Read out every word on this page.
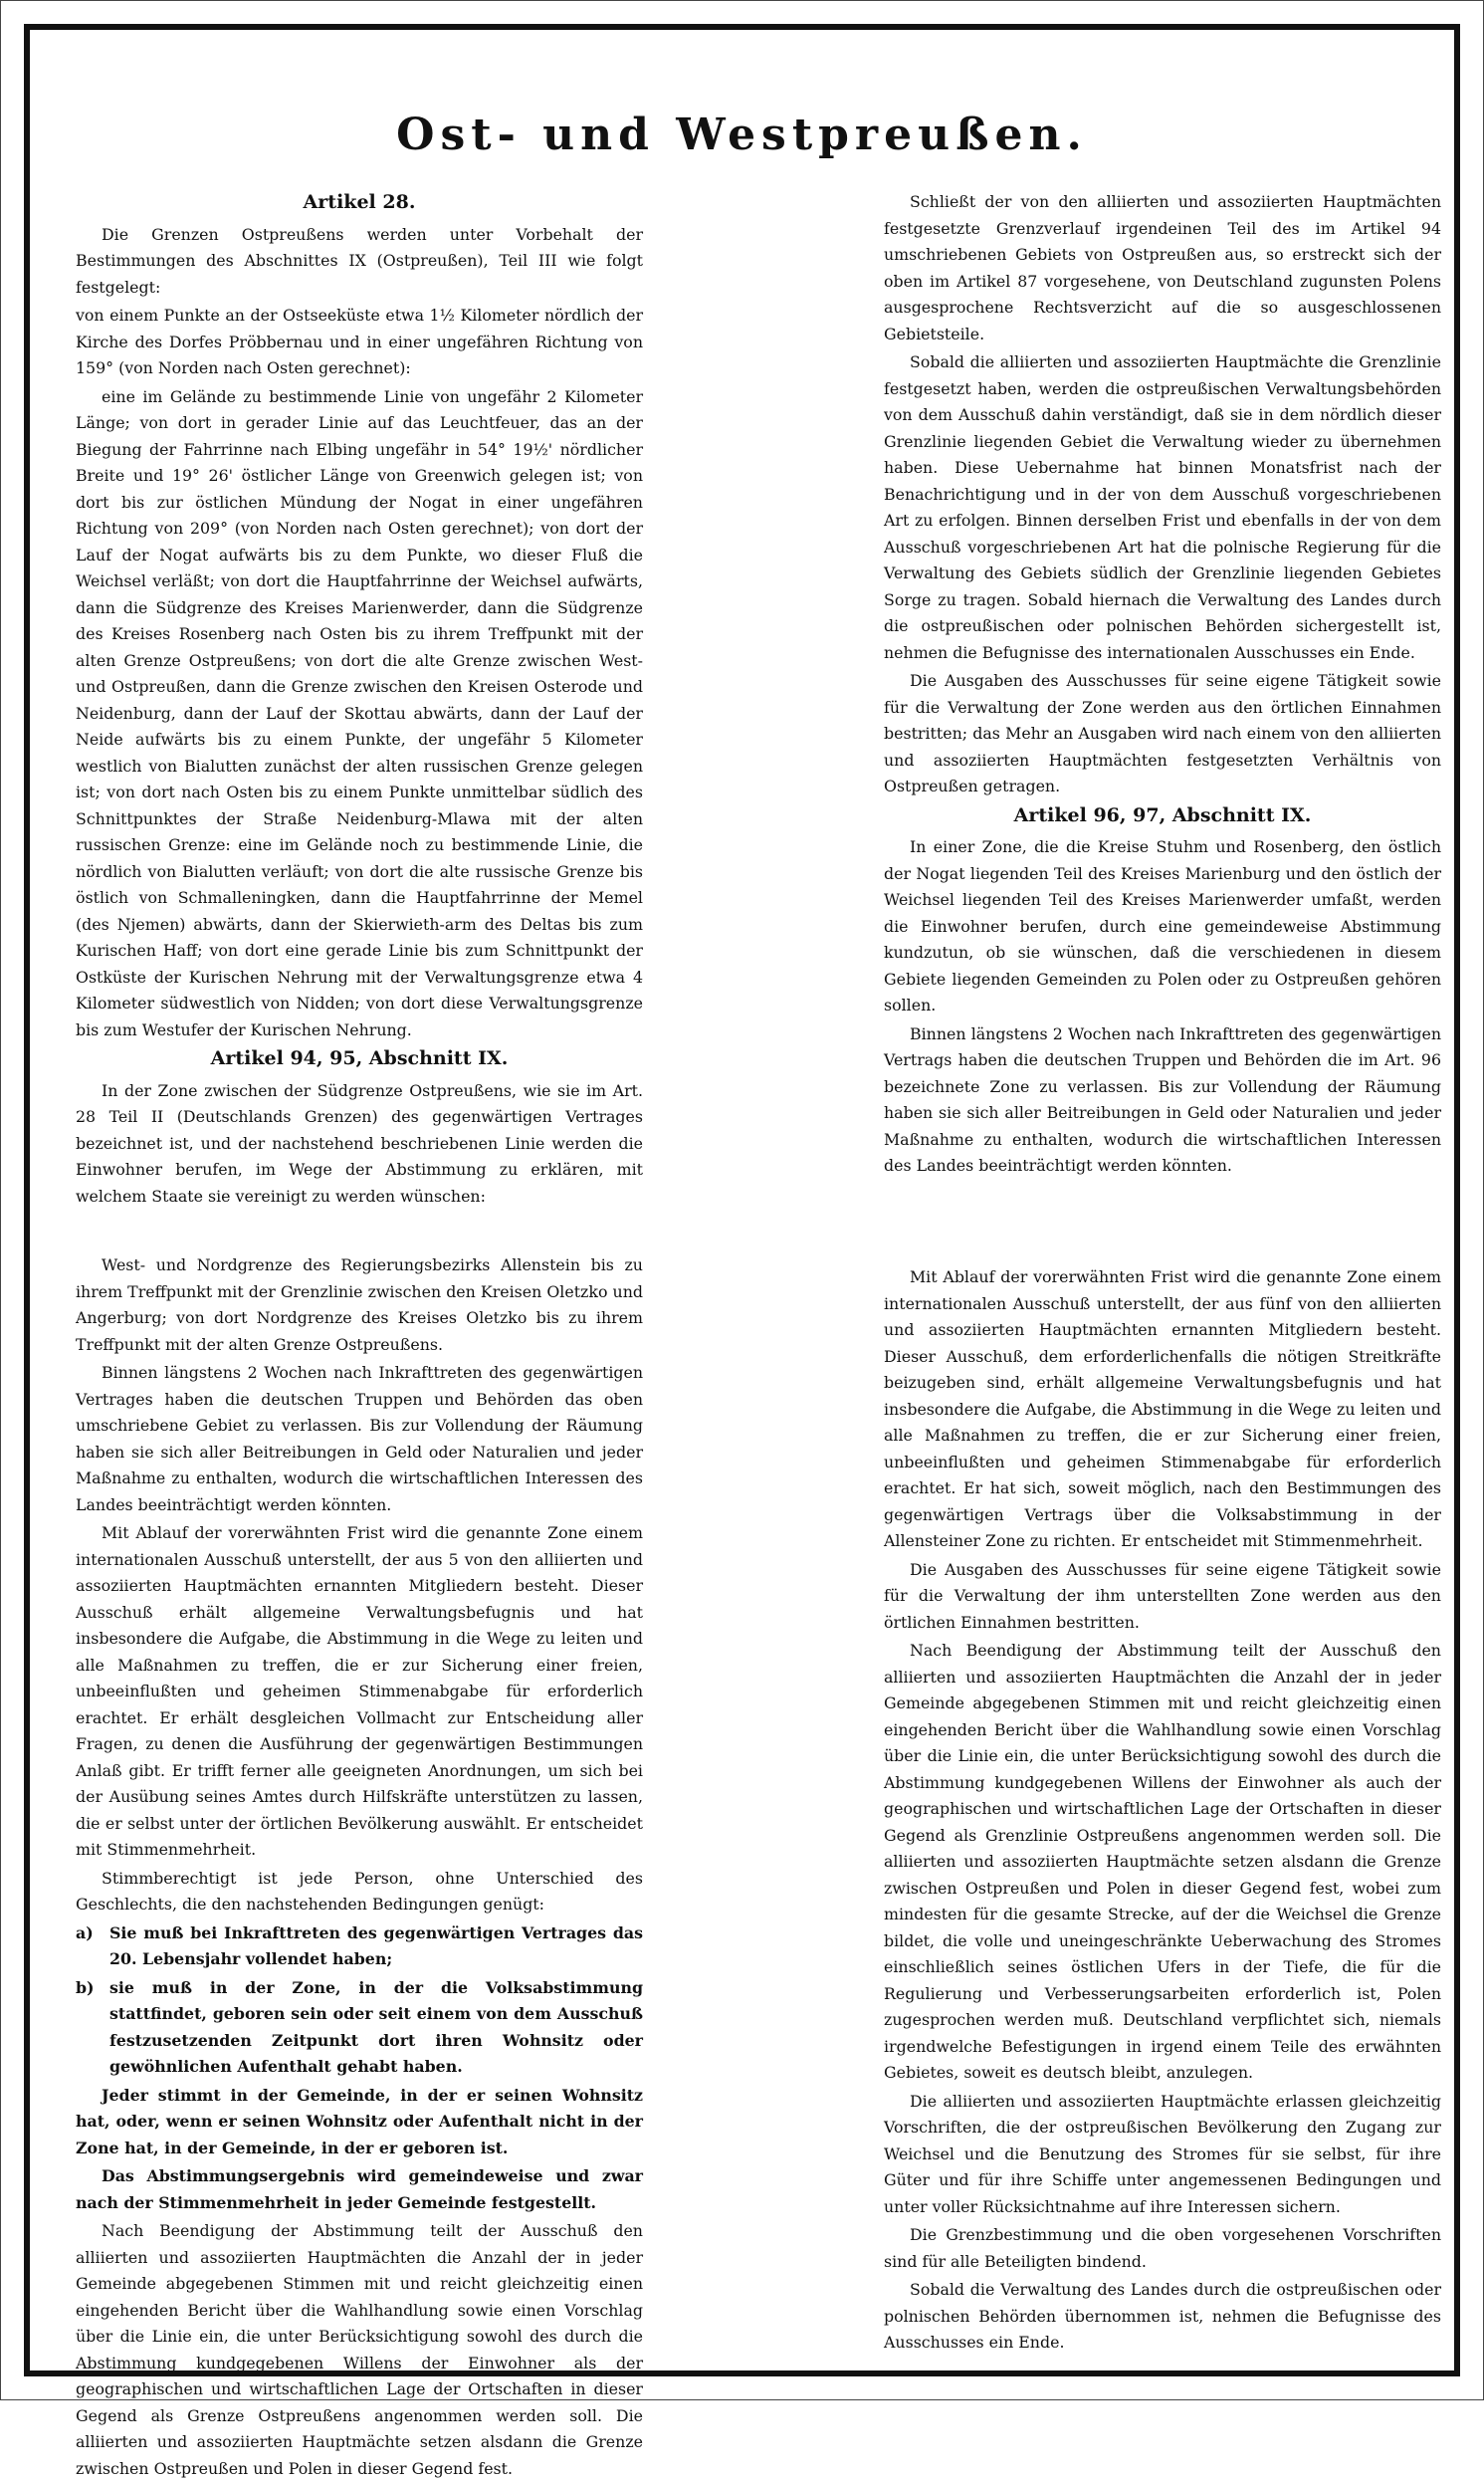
Ost- und Westpreußen.
Artikel 28.

Die Grenzen Ostpreußens werden unter Vorbehalt der Bestimmungen des Abschnittes IX (Ostpreußen), Teil III wie folgt festgelegt:

von einem Punkte an der Ostseeküste etwa 1½ Kilometer nördlich der Kirche des Dorfes Pröbbernau und in einer ungefähren Richtung von 159° (von Norden nach Osten gerechnet):

eine im Gelände zu bestimmende Linie von ungefähr 2 Kilometer Länge; von dort in gerader Linie auf das Leuchtfeuer, das an der Biegung der Fahrrinne nach Elbing ungefähr in 54° 19½' nördlicher Breite und 19° 26' östlicher Länge von Greenwich gelegen ist; von dort bis zur östlichen Mündung der Nogat in einer ungefähren Richtung von 209° (von Norden nach Osten gerechnet); von dort der Lauf der Nogat aufwärts bis zu dem Punkte, wo dieser Fluß die Weichsel verläßt; von dort die Hauptfahrrinne der Weichsel aufwärts, dann die Südgrenze des Kreises Marienwerder, dann die Südgrenze des Kreises Rosenberg nach Osten bis zu ihrem Treffpunkt mit der alten Grenze Ostpreußens; von dort die alte Grenze zwischen West- und Ostpreußen, dann die Grenze zwischen den Kreisen Osterode und Neidenburg, dann der Lauf der Skottau abwärts, dann der Lauf der Neide aufwärts bis zu einem Punkte, der ungefähr 5 Kilometer westlich von Bialutten zunächst der alten russischen Grenze gelegen ist; von dort nach Osten bis zu einem Punkte unmittelbar südlich des Schnittpunktes der Straße Neidenburg-Mlawa mit der alten russischen Grenze: eine im Gelände noch zu bestimmende Linie, die nördlich von Bialutten verläuft; von dort die alte russische Grenze bis östlich von Schmalleningken, dann die Hauptfahrrinne der Memel (des Njemen) abwärts, dann der Skierwieth-arm des Deltas bis zum Kurischen Haff; von dort eine gerade Linie bis zum Schnittpunkt der Ostküste der Kurischen Nehrung mit der Verwaltungsgrenze etwa 4 Kilometer südwestlich von Nidden; von dort diese Verwaltungsgrenze bis zum Westufer der Kurischen Nehrung.

Artikel 94, 95, Abschnitt IX.

In der Zone zwischen der Südgrenze Ostpreußens, wie sie im Art. 28 Teil II (Deutschlands Grenzen) des gegenwärtigen Vertrages bezeichnet ist, und der nachstehend beschriebenen Linie werden die Einwohner berufen, im Wege der Abstimmung zu erklären, mit welchem Staate sie vereinigt zu werden wünschen:

Schließt der von den alliierten und assoziierten Hauptmächten festgesetzte Grenzverlauf irgendeinen Teil des im Artikel 94 umschriebenen Gebiets von Ostpreußen aus, so erstreckt sich der oben im Artikel 87 vorgesehene, von Deutschland zugunsten Polens ausgesprochene Rechtsverzicht auf die so ausgeschlossenen Gebietsteile.

Sobald die alliierten und assoziierten Hauptmächte die Grenzlinie festgesetzt haben, werden die ostpreußischen Verwaltungsbehörden von dem Ausschuß dahin verständigt, daß sie in dem nördlich dieser Grenzlinie liegenden Gebiet die Verwaltung wieder zu übernehmen haben. Diese Uebernahme hat binnen Monatsfrist nach der Benachrichtigung und in der von dem Ausschuß vorgeschriebenen Art zu erfolgen. Binnen derselben Frist und ebenfalls in der von dem Ausschuß vorgeschriebenen Art hat die polnische Regierung für die Verwaltung des Gebiets südlich der Grenzlinie liegenden Gebietes Sorge zu tragen. Sobald hiernach die Verwaltung des Landes durch die ostpreußischen oder polnischen Behörden sichergestellt ist, nehmen die Befugnisse des internationalen Ausschusses ein Ende.

Die Ausgaben des Ausschusses für seine eigene Tätigkeit sowie für die Verwaltung der Zone werden aus den örtlichen Einnahmen bestritten; das Mehr an Ausgaben wird nach einem von den alliierten und assoziierten Hauptmächten festgesetzten Verhältnis von Ostpreußen getragen.

Artikel 96, 97, Abschnitt IX.

In einer Zone, die die Kreise Stuhm und Rosenberg, den östlich der Nogat liegenden Teil des Kreises Marienburg und den östlich der Weichsel liegenden Teil des Kreises Marienwerder umfaßt, werden die Einwohner berufen, durch eine gemeindeweise Abstimmung kundzutun, ob sie wünschen, daß die verschiedenen in diesem Gebiete liegenden Gemeinden zu Polen oder zu Ostpreußen gehören sollen.

Binnen längstens 2 Wochen nach Inkrafttreten des gegenwärtigen Vertrags haben die deutschen Truppen und Behörden die im Art. 96 bezeichnete Zone zu verlassen. Bis zur Vollendung der Räumung haben sie sich aller Beitreibungen in Geld oder Naturalien und jeder Maßnahme zu enthalten, wodurch die wirtschaftlichen Interessen des Landes beeinträchtigt werden könnten.

West- und Nordgrenze des Regierungsbezirks Allenstein bis zu ihrem Treffpunkt mit der Grenzlinie zwischen den Kreisen Oletzko und Angerburg; von dort Nordgrenze des Kreises Oletzko bis zu ihrem Treffpunkt mit der alten Grenze Ostpreußens.

Binnen längstens 2 Wochen nach Inkrafttreten des gegenwärtigen Vertrages haben die deutschen Truppen und Behörden das oben umschriebene Gebiet zu verlassen. Bis zur Vollendung der Räumung haben sie sich aller Beitreibungen in Geld oder Naturalien und jeder Maßnahme zu enthalten, wodurch die wirtschaftlichen Interessen des Landes beeinträchtigt werden könnten.

Mit Ablauf der vorerwähnten Frist wird die genannte Zone einem internationalen Ausschuß unterstellt, der aus 5 von den alliierten und assoziierten Hauptmächten ernannten Mitgliedern besteht. Dieser Ausschuß erhält allgemeine Verwaltungsbefugnis und hat insbesondere die Aufgabe, die Abstimmung in die Wege zu leiten und alle Maßnahmen zu treffen, die er zur Sicherung einer freien, unbeeinflußten und geheimen Stimmenabgabe für erforderlich erachtet. Er erhält desgleichen Vollmacht zur Entscheidung aller Fragen, zu denen die Ausführung der gegenwärtigen Bestimmungen Anlaß gibt. Er trifft ferner alle geeigneten Anordnungen, um sich bei der Ausübung seines Amtes durch Hilfskräfte unterstützen zu lassen, die er selbst unter der örtlichen Bevölkerung auswählt. Er entscheidet mit Stimmenmehrheit.

Stimmberechtigt ist jede Person, ohne Unterschied des Geschlechts, die den nachstehenden Bedingungen genügt:

a)	Sie muß bei Inkrafttreten des gegenwärtigen Vertrages das 20. Lebensjahr vollendet haben;
b) sie muß in der Zone, in der die Volksabstimmung stattfindet, geboren sein oder seit einem von dem Ausschuß festzusetzenden Zeitpunkt dort ihren Wohnsitz oder gewöhnlichen Aufenthalt gehabt haben.

Jeder stimmt in der Gemeinde, in der er seinen Wohnsitz hat, oder, wenn er seinen Wohnsitz oder Aufenthalt nicht in der Zone hat, in der Gemeinde, in der er geboren ist.

Das Abstimmungsergebnis wird gemeindeweise und zwar nach der Stimmenmehrheit in jeder Gemeinde festgestellt.

Nach Beendigung der Abstimmung teilt der Ausschuß den alliierten und assoziierten Hauptmächten die Anzahl der in jeder Gemeinde abgegebenen Stimmen mit und reicht gleichzeitig einen eingehenden Bericht über die Wahlhandlung sowie einen Vorschlag über die Linie ein, die unter Berücksichtigung sowohl des durch die Abstimmung kundgegebenen Willens der Einwohner als der geographischen und wirtschaftlichen Lage der Ortschaften in dieser Gegend als Grenze Ostpreußens angenommen werden soll. Die alliierten und assoziierten Hauptmächte setzen alsdann die Grenze zwischen Ostpreußen und Polen in dieser Gegend fest.

Mit Ablauf der vorerwähnten Frist wird die genannte Zone einem internationalen Ausschuß unterstellt, der aus fünf von den alliierten und assoziierten Hauptmächten ernannten Mitgliedern besteht. Dieser Ausschuß, dem erforderlichenfalls die nötigen Streitkräfte beizugeben sind, erhält allgemeine Verwaltungsbefugnis und hat insbesondere die Aufgabe, die Abstimmung in die Wege zu leiten und alle Maßnahmen zu treffen, die er zur Sicherung einer freien, unbeeinflußten und geheimen Stimmenabgabe für erforderlich erachtet. Er hat sich, soweit möglich, nach den Bestimmungen des gegenwärtigen Vertrags über die Volksabstimmung in der Allensteiner Zone zu richten. Er entscheidet mit Stimmenmehrheit.

Die Ausgaben des Ausschusses für seine eigene Tätigkeit sowie für die Verwaltung der ihm unterstellten Zone werden aus den örtlichen Einnahmen bestritten.

Nach Beendigung der Abstimmung teilt der Ausschuß den alliierten und assoziierten Hauptmächten die Anzahl der in jeder Gemeinde abgegebenen Stimmen mit und reicht gleichzeitig einen eingehenden Bericht über die Wahlhandlung sowie einen Vorschlag über die Linie ein, die unter Berücksichtigung sowohl des durch die Abstimmung kundgegebenen Willens der Einwohner als auch der geographischen und wirtschaftlichen Lage der Ortschaften in dieser Gegend als Grenzlinie Ostpreußens angenommen werden soll. Die alliierten und assoziierten Hauptmächte setzen alsdann die Grenze zwischen Ostpreußen und Polen in dieser Gegend fest, wobei zum mindesten für die gesamte Strecke, auf der die Weichsel die Grenze bildet, die volle und uneingeschränkte Ueberwachung des Stromes einschließlich seines östlichen Ufers in der Tiefe, die für die Regulierung und Verbesserungsarbeiten erforderlich ist, Polen zugesprochen werden muß. Deutschland verpflichtet sich, niemals irgendwelche Befestigungen in irgend einem Teile des erwähnten Gebietes, soweit es deutsch bleibt, anzulegen.

Die alliierten und assoziierten Hauptmächte erlassen gleichzeitig Vorschriften, die der ostpreußischen Bevölkerung den Zugang zur Weichsel und die Benutzung des Stromes für sie selbst, für ihre Güter und für ihre Schiffe unter angemessenen Bedingungen und unter voller Rücksichtnahme auf ihre Interessen sichern.

Die Grenzbestimmung und die oben vorgesehenen Vorschriften sind für alle Beteiligten bindend.

Sobald die Verwaltung des Landes durch die ostpreußischen oder polnischen Behörden übernommen ist, nehmen die Befugnisse des Ausschusses ein Ende.
